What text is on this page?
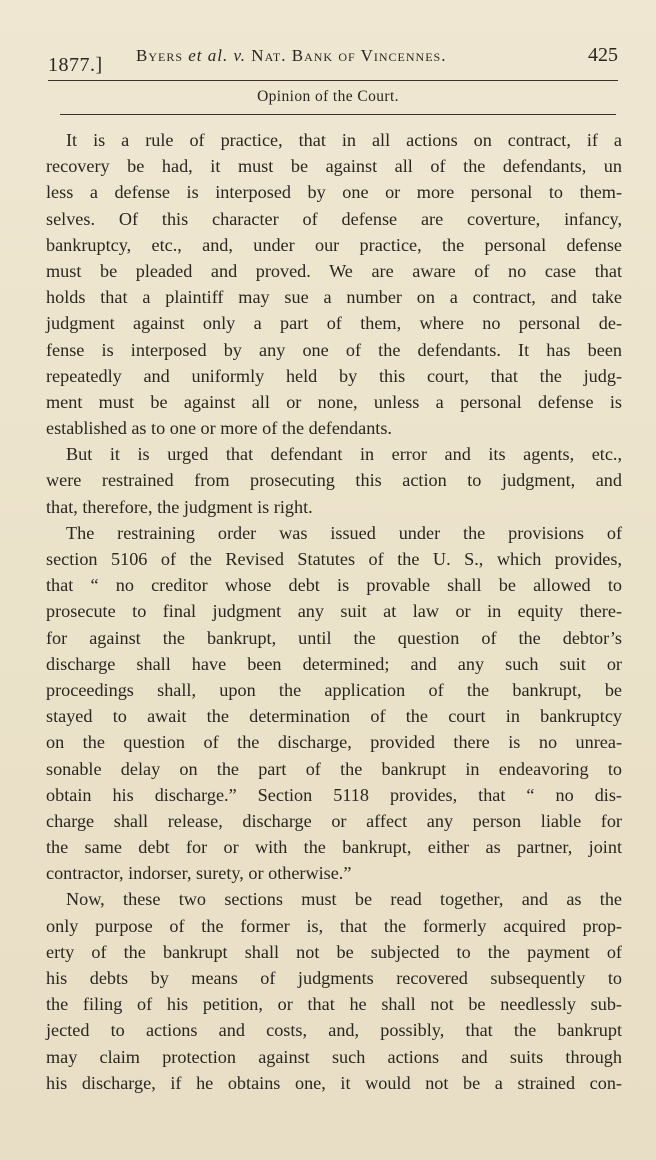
1877.] Byers et al. v. Nat. Bank of Vincennes.	425
Opinion of the Court.
It is a rule of practice, that in all actions on contract, if a
recovery be had, it must be against all of the defendants, un
less a defense is interposed by one or more personal to them-
selves. Of this character of defense are coverture, infancy,
bankruptcy, etc., and, under our practice, the personal defense
must be pleaded and proved. We are aware of no case that
holds that a plaintiff may sue a number on a contract, and take
judgment against only a part of them, where no personal de-
fense is interposed by any one of the defendants. It has been
repeatedly and uniformly held by this court, that the judg-
ment must be against all or none, unless a personal defense is
established as to one or more of the defendants.
But it is urged that defendant in error and its agents, etc.,
were restrained from prosecuting this action to judgment, and
that, therefore, the judgment is right.
The restraining order was issued under the provisions of
section 5106 of the Revised Statutes of the U. S., which provides,
that “ no creditor whose debt is provable shall be allowed to
prosecute to final judgment any suit at law or in equity there-
for against the bankrupt, until the question of the debtor’s
discharge shall have been determined; and any such suit or
proceedings shall, upon the application of the bankrupt, be
stayed to await the determination of the court in bankruptcy
on the question of the discharge, provided there is no unrea-
sonable delay on the part of the bankrupt in endeavoring to
obtain his discharge.” Section 5118 provides, that “ no dis-
charge shall release, discharge or affect any person liable for
the same debt for or with the bankrupt, either as partner, joint
contractor, indorser, surety, or otherwise.”
Now, these two sections must be read together, and as the
only purpose of the former is, that the formerly acquired prop-
erty of the bankrupt shall not be subjected to the payment of
his debts by means of judgments recovered subsequently to
the filing of his petition, or that he shall not be needlessly sub-
jected to actions and costs, and, possibly, that the bankrupt
may claim protection against such actions and suits through
his discharge, if he obtains one, it would not be a strained con-
